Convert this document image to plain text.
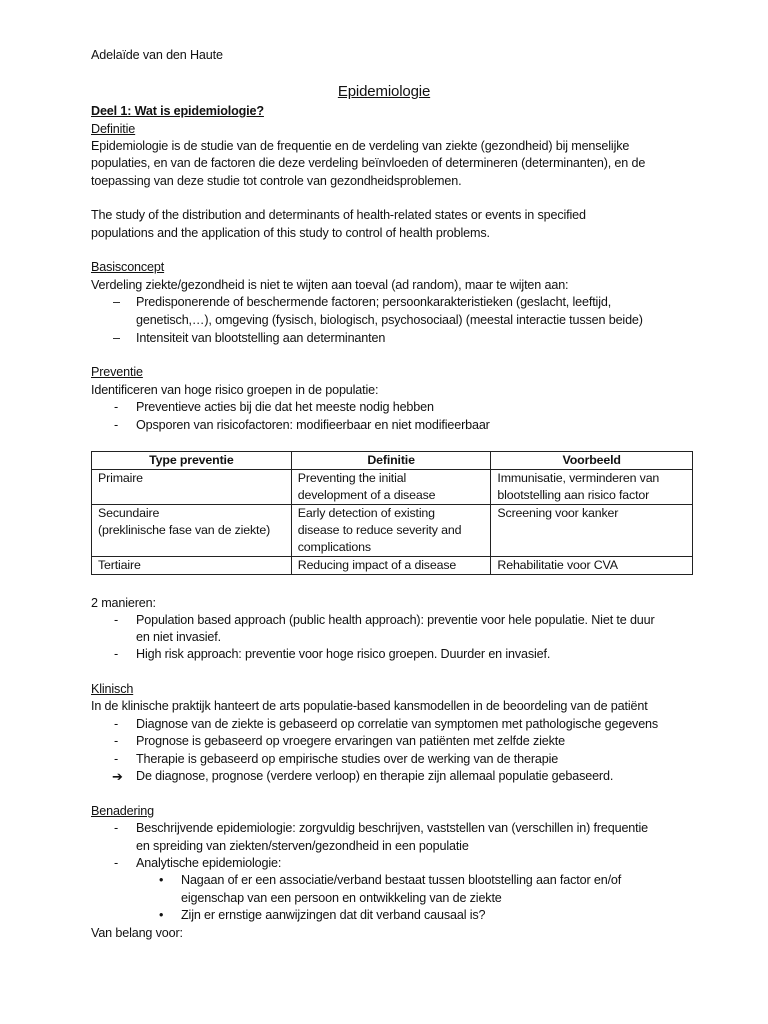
Adelaïde van den Haute
Epidemiologie
Deel 1: Wat is epidemiologie?
Definitie
Epidemiologie is de studie van de frequentie en de verdeling van ziekte (gezondheid) bij menselijke
populaties, en van de factoren die deze verdeling beïnvloeden of determineren (determinanten), en de
toepassing van deze studie tot controle van gezondheidsproblemen.
The study of the distribution and determinants of health-related states or events in specified
populations and the application of this study to control of health problems.
Basisconcept
Verdeling ziekte/gezondheid is niet te wijten aan toeval (ad random), maar te wijten aan:
– Predisponerende of beschermende factoren; persoonkarakteristieken (geslacht, leeftijd,
genetisch,…), omgeving (fysisch, biologisch, psychosociaal) (meestal interactie tussen beide)
– Intensiteit van blootstelling aan determinanten
Preventie
Identificeren van hoge risico groepen in de populatie:
- Preventieve acties bij die dat het meeste nodig hebben
- Opsporen van risicofactoren: modifieerbaar en niet modifieerbaar
Type preventie	Definitie	Voorbeeld

Primaire	Preventing the initial
development of a disease	Immunisatie, verminderen van
blootstelling aan risico factor

Secundaire
(preklinische fase van de ziekte)	Early detection of existing
disease to reduce severity and
complications	Screening voor kanker

Tertiaire	Reducing impact of a disease	Rehabilitatie voor CVA
2 manieren:
- Population based approach (public health approach): preventie voor hele populatie. Niet te duur
en niet invasief.
- High risk approach: preventie voor hoge risico groepen. Duurder en invasief.
Klinisch
In de klinische praktijk hanteert de arts populatie-based kansmodellen in de beoordeling van de patiënt
- Diagnose van de ziekte is gebaseerd op correlatie van symptomen met pathologische gegevens
- Prognose is gebaseerd op vroegere ervaringen van patiënten met zelfde ziekte
- Therapie is gebaseerd op empirische studies over de werking van de therapie
➔ De diagnose, prognose (verdere verloop) en therapie zijn allemaal populatie gebaseerd.
Benadering
- Beschrijvende epidemiologie: zorgvuldig beschrijven, vaststellen van (verschillen in) frequentie
en spreiding van ziekten/sterven/gezondheid in een populatie
- Analytische epidemiologie:
• Nagaan of er een associatie/verband bestaat tussen blootstelling aan factor en/of
eigenschap van een persoon en ontwikkeling van de ziekte
• Zijn er ernstige aanwijzingen dat dit verband causaal is?
Van belang voor:
